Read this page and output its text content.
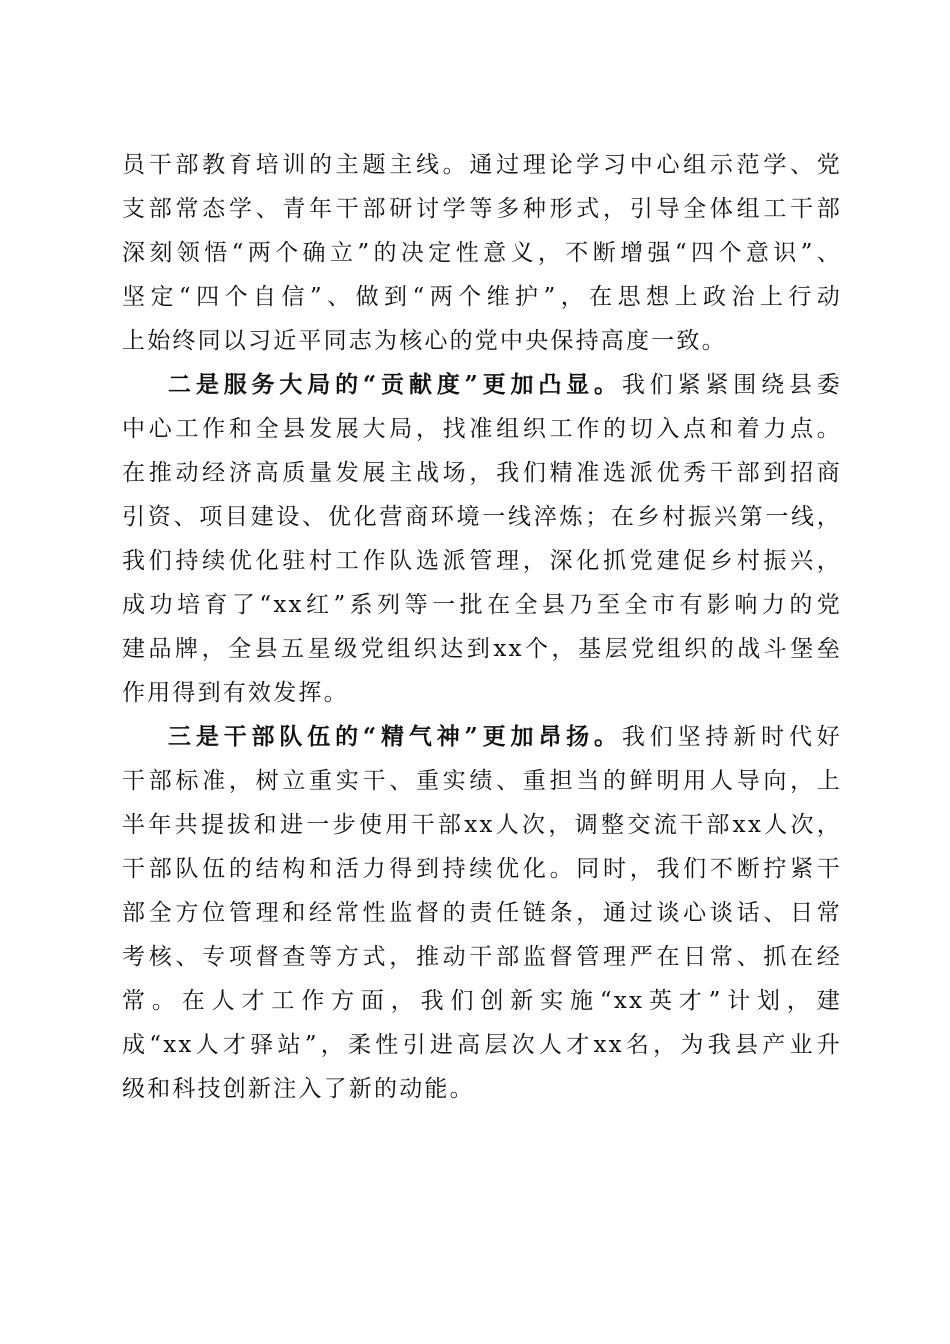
员干部教育培训的主题主线。通过理论学习中心组示范学、党
支部常态学、青年干部研讨学等多种形式，引导全体组工干部
深刻领悟“两个确立”的决定性意义，不断增强“四个意识”、
坚定“四个自信”、做到“两个维护”，在思想上政治上行动
上始终同以习近平同志为核心的党中央保持高度一致。
二是服务大局的“贡献度”更加凸显。我们紧紧围绕县委
中心工作和全县发展大局，找准组织工作的切入点和着力点。
在推动经济高质量发展主战场，我们精准选派优秀干部到招商
引资、项目建设、优化营商环境一线淬炼；在乡村振兴第一线，
我们持续优化驻村工作队选派管理，深化抓党建促乡村振兴，
成功培育了“xx红”系列等一批在全县乃至全市有影响力的党
建品牌，全县五星级党组织达到xx个，基层党组织的战斗堡垒
作用得到有效发挥。
三是干部队伍的“精气神”更加昂扬。我们坚持新时代好
干部标准，树立重实干、重实绩、重担当的鲜明用人导向，上
半年共提拔和进一步使用干部xx人次，调整交流干部xx人次，
干部队伍的结构和活力得到持续优化。同时，我们不断拧紧干
部全方位管理和经常性监督的责任链条，通过谈心谈话、日常
考核、专项督查等方式，推动干部监督管理严在日常、抓在经
常。在人才工作方面，我们创新实施“xx英才”计划，建
成“xx人才驿站”，柔性引进高层次人才xx名，为我县产业升
级和科技创新注入了新的动能。
